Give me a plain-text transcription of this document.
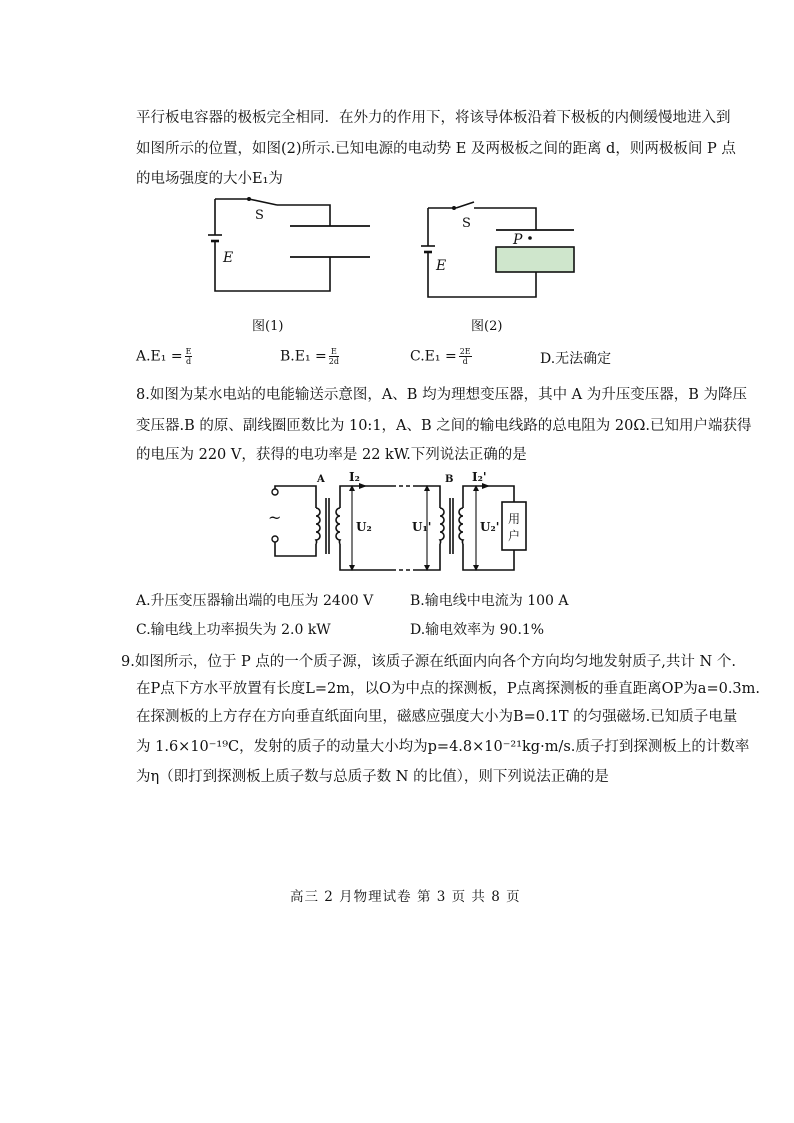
平行板电容器的极板完全相同．在外力的作用下，将该导体板沿着下极板的内侧缓慢地进入到
如图所示的位置，如图(2)所示.已知电源的电动势 E 及两极板之间的距离 d，则两极板间 P 点
的电场强度的大小E₁为
S
E
图(1)
S
E
P
图(2)
$A.E_1 = \frac{E}{d}$	$B.E_1 = \frac{E}{2d}$	$C.E_1 = \frac{2E}{d}$	D.无法确定
8.如图为某水电站的电能输送示意图，A、B 均为理想变压器，其中 A 为升压变压器，B 为降压
变压器.B 的原、副线圈匝数比为 10:1，A、B 之间的输电线路的总电阻为 20Ω.已知用户端获得
的电压为 220 V，获得的电功率是 22 kW.下列说法正确的是
~
A	B
I₂	I₂'
U₂	U₁'	U₂'
用
户
A.升压变压器输出端的电压为 2400 V	B.输电线中电流为 100 A
C.输电线上功率损失为 2.0 kW	D.输电效率为 90.1%
9.如图所示，位于 P 点的一个质子源，该质子源在纸面内向各个方向均匀地发射质子,共计 N 个.
在P点下方水平放置有长度L=2m，以O为中点的探测板，P点离探测板的垂直距离OP为a=0.3m.
在探测板的上方存在方向垂直纸面向里，磁感应强度大小为B=0.1T 的匀强磁场.已知质子电量
为 1.6×10⁻¹⁹C，发射的质子的动量大小均为p=4.8×10⁻²¹kg·m/s.质子打到探测板上的计数率
为η（即打到探测板上质子数与总质子数 N 的比值），则下列说法正确的是
高三 2 月物理试卷 第 3 页 共 8 页
